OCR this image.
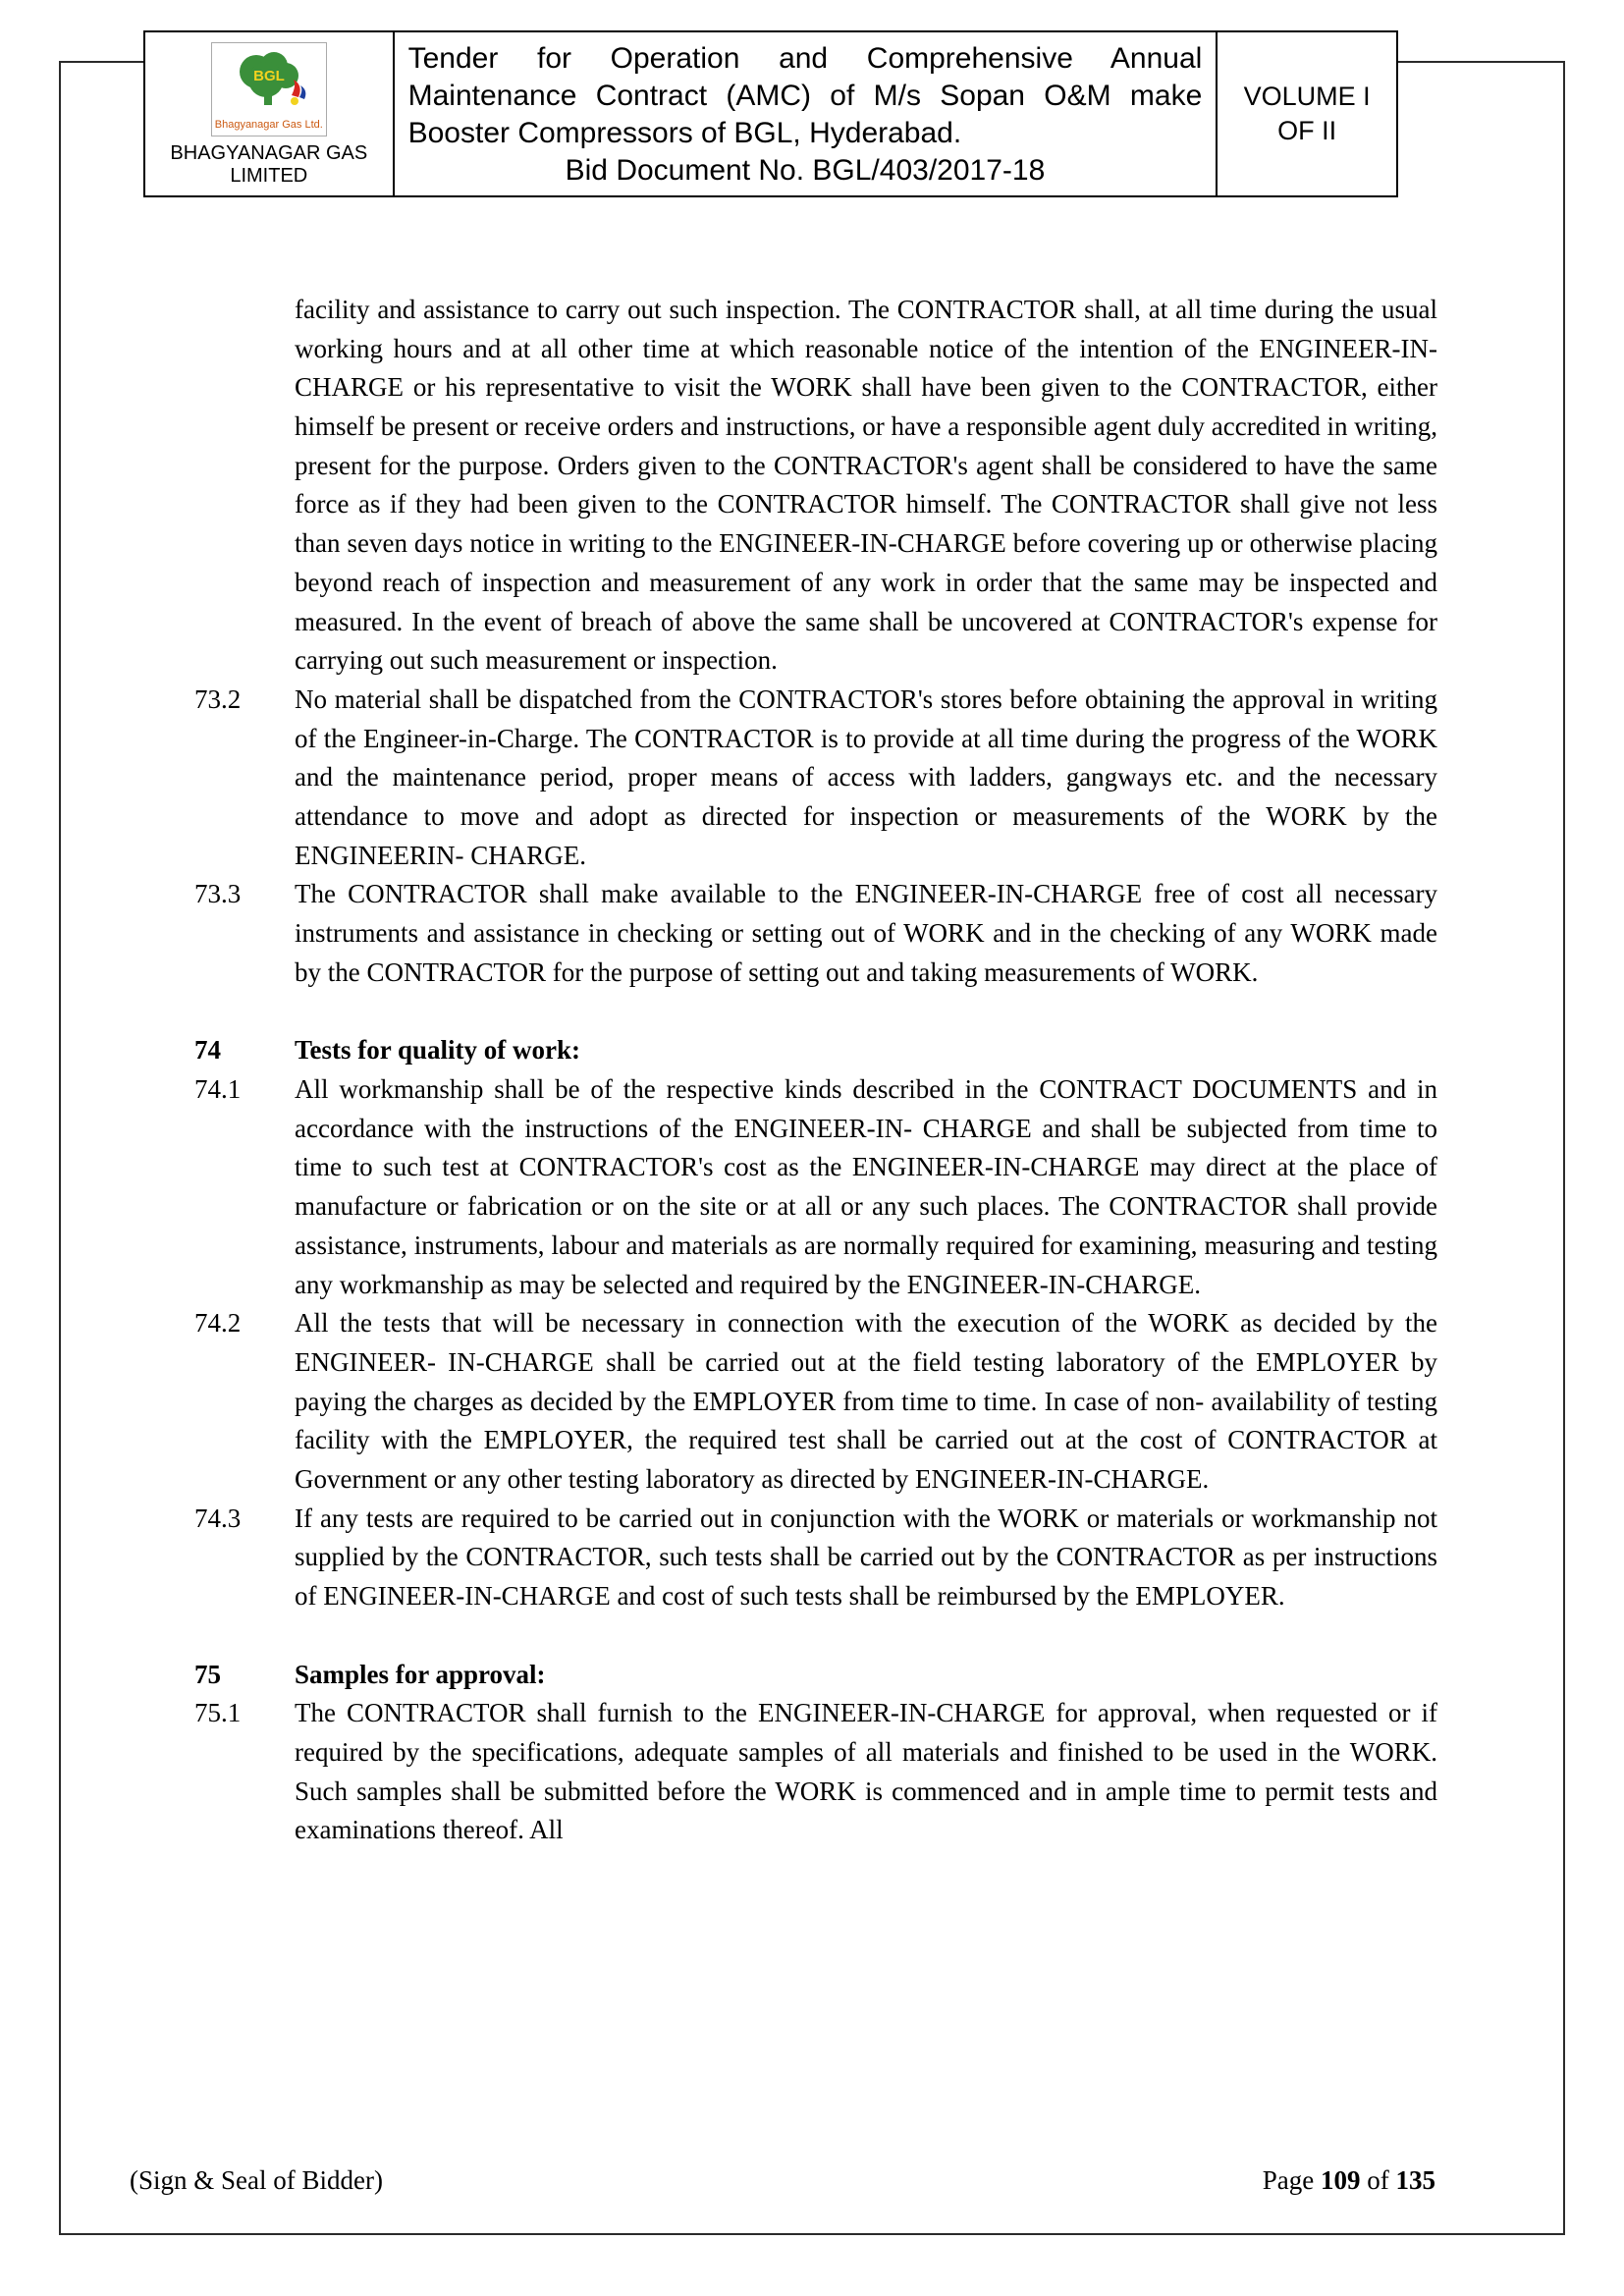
BGL
Bhagyanagar Gas Ltd.
BHAGYANAGAR GAS
LIMITED
Tender for Operation and Comprehensive Annual Maintenance Contract (AMC) of M/s Sopan O&M make Booster Compressors of BGL, Hyderabad.
Bid Document No. BGL/403/2017-18
VOLUME I
OF II
facility and assistance to carry out such inspection. The CONTRACTOR shall, at all time during the usual working hours and at all other time at which reasonable notice of the intention of the ENGINEER-IN- CHARGE or his representative to visit the WORK shall have been given to the CONTRACTOR, either himself be present or receive orders and instructions, or have a responsible agent duly accredited in writing, present for the purpose. Orders given to the CONTRACTOR's agent shall be considered to have the same force as if they had been given to the CONTRACTOR himself. The CONTRACTOR shall give not less than seven days notice in writing to the ENGINEER-IN-CHARGE before covering up or otherwise placing beyond reach of inspection and measurement of any work in order that the same may be inspected and measured. In the event of breach of above the same shall be uncovered at CONTRACTOR's expense for carrying out such measurement or inspection.
73.2	No material shall be dispatched from the CONTRACTOR's stores before obtaining the approval in writing of the Engineer-in-Charge. The CONTRACTOR is to provide at all time during the progress of the WORK and the maintenance period, proper means of access with ladders, gangways etc. and the necessary attendance to move and adopt as directed for inspection or measurements of the WORK by the ENGINEERIN- CHARGE.
73.3	The CONTRACTOR shall make available to the ENGINEER-IN-CHARGE free of cost all necessary instruments and assistance in checking or setting out of WORK and in the checking of any WORK made by the CONTRACTOR for the purpose of setting out and taking measurements of WORK.
74	Tests for quality of work:
74.1	All workmanship shall be of the respective kinds described in the CONTRACT DOCUMENTS and in accordance with the instructions of the ENGINEER-IN- CHARGE and shall be subjected from time to time to such test at CONTRACTOR's cost as the ENGINEER-IN-CHARGE may direct at the place of manufacture or fabrication or on the site or at all or any such places. The CONTRACTOR shall provide assistance, instruments, labour and materials as are normally required for examining, measuring and testing any workmanship as may be selected and required by the ENGINEER-IN-CHARGE.
74.2	All the tests that will be necessary in connection with the execution of the WORK as decided by the ENGINEER- IN-CHARGE shall be carried out at the field testing laboratory of the EMPLOYER by paying the charges as decided by the EMPLOYER from time to time. In case of non- availability of testing facility with the EMPLOYER, the required test shall be carried out at the cost of CONTRACTOR at Government or any other testing laboratory as directed by ENGINEER-IN-CHARGE.
74.3	If any tests are required to be carried out in conjunction with the WORK or materials or workmanship not supplied by the CONTRACTOR, such tests shall be carried out by the CONTRACTOR as per instructions of ENGINEER-IN-CHARGE and cost of such tests shall be reimbursed by the EMPLOYER.
75	Samples for approval:
75.1	The CONTRACTOR shall furnish to the ENGINEER-IN-CHARGE for approval, when requested or if required by the specifications, adequate samples of all materials and finished to be used in the WORK. Such samples shall be submitted before the WORK is commenced and in ample time to permit tests and examinations thereof. All
(Sign & Seal of Bidder)	Page 109 of 135
